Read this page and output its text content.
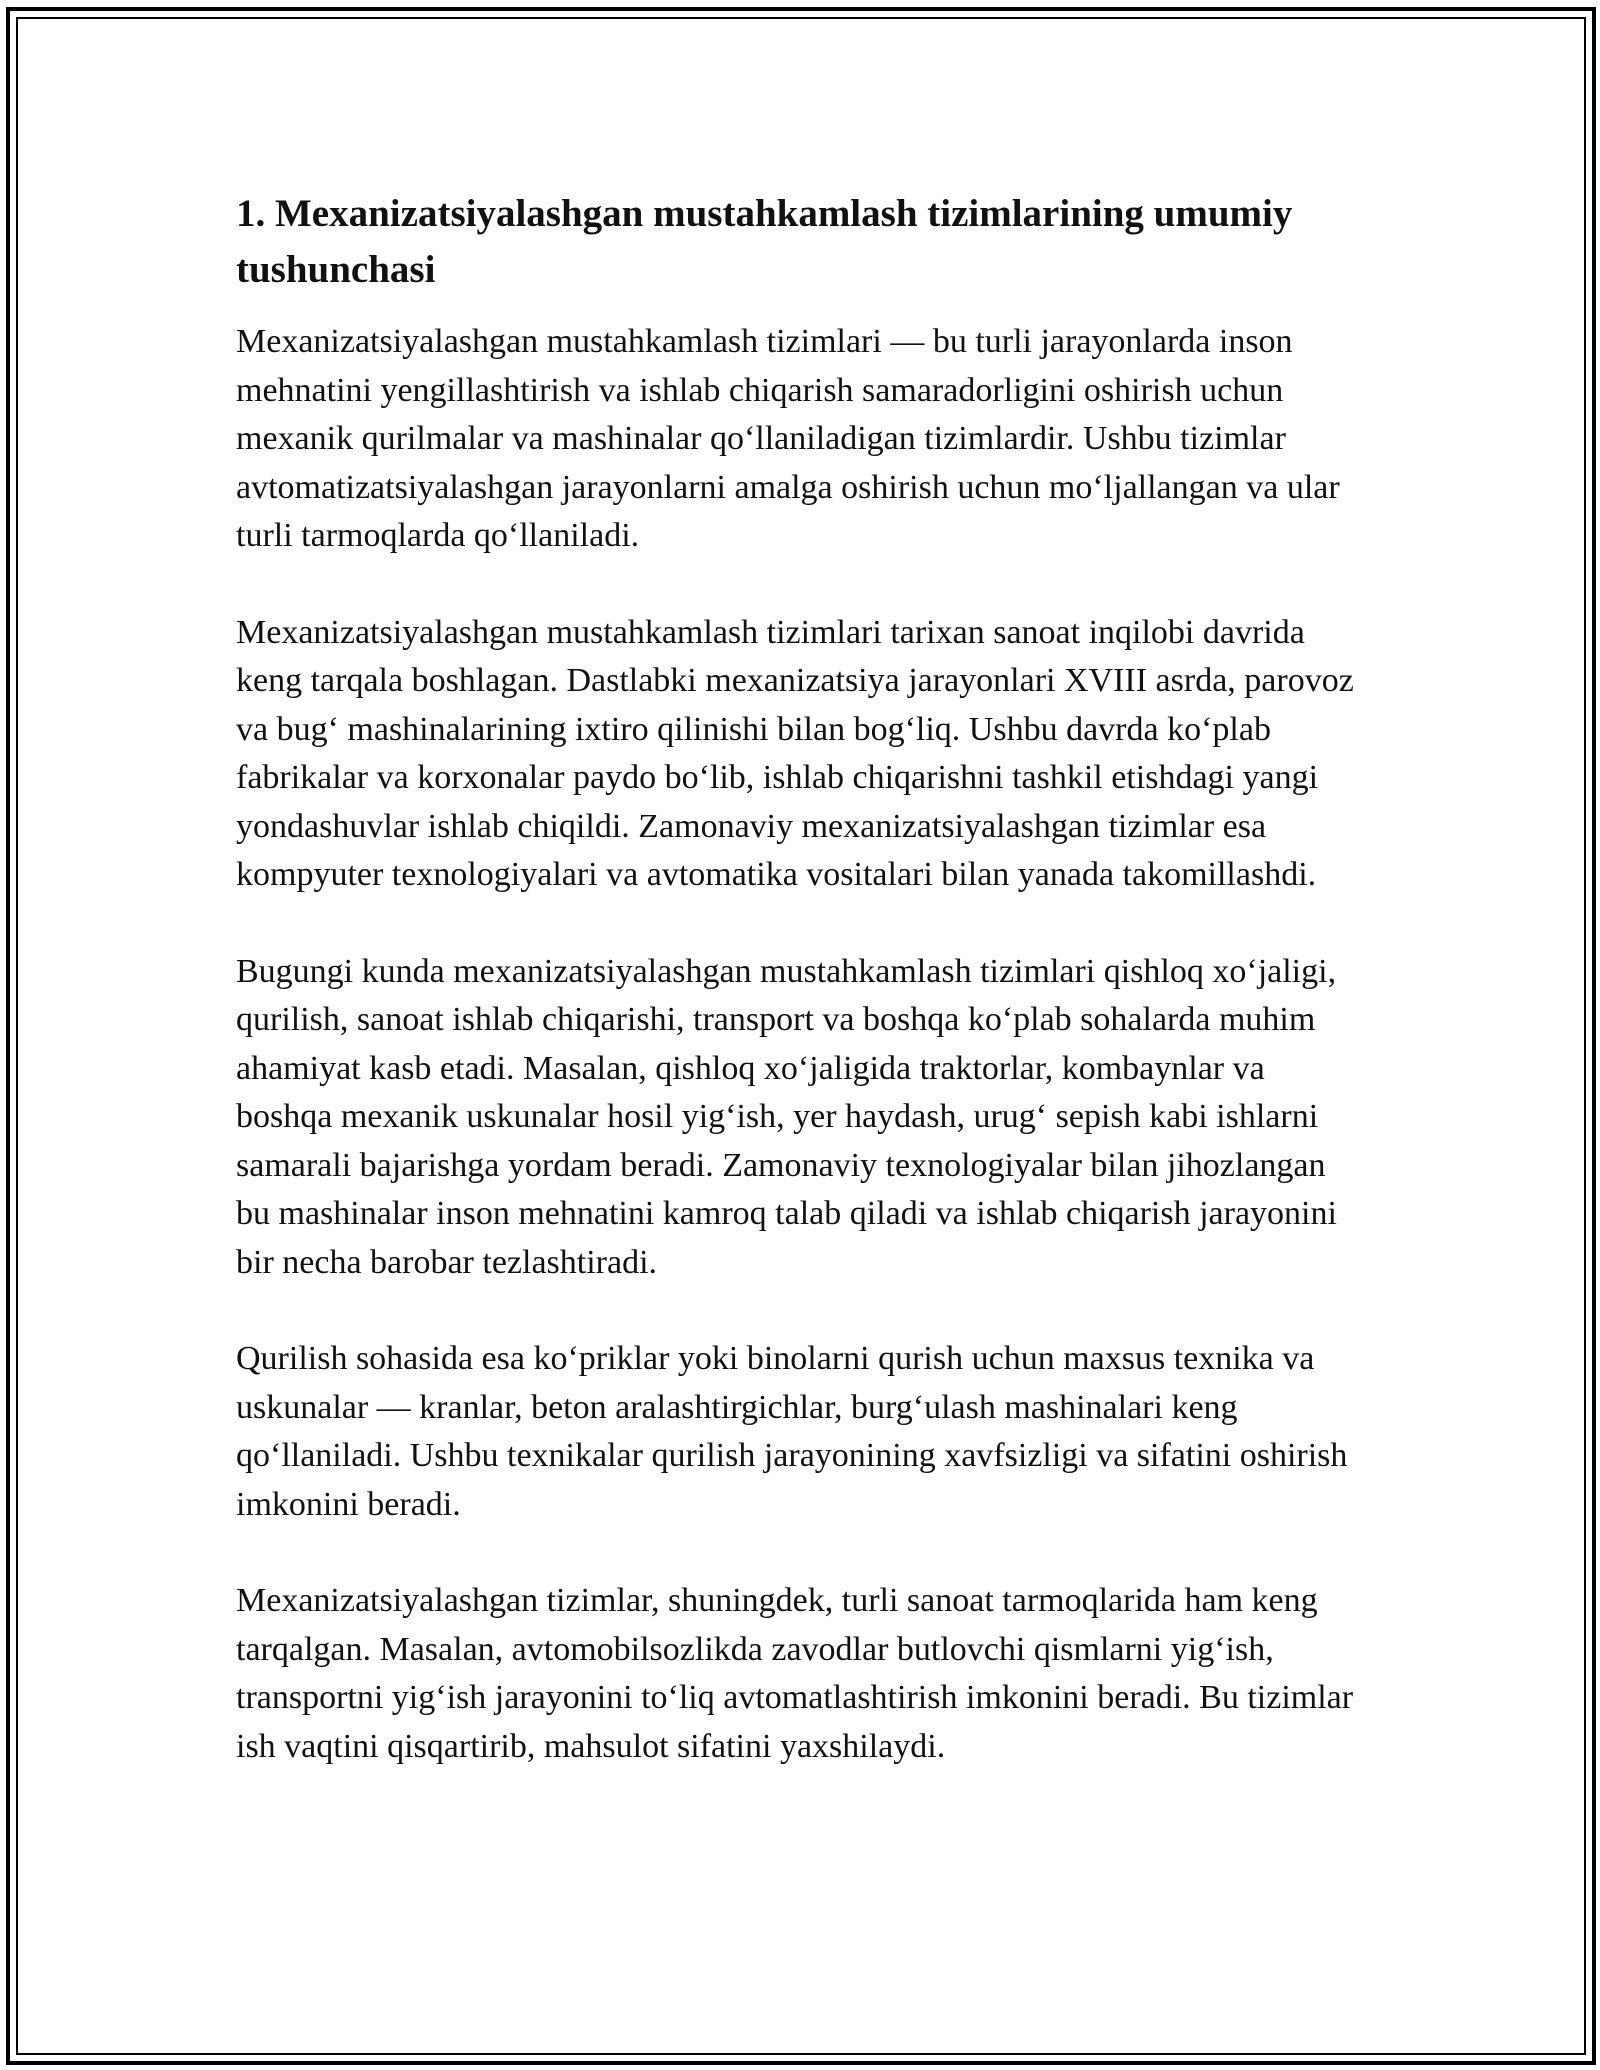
1. Mexanizatsiyalashgan mustahkamlash tizimlarining umumiy tushunchasi

Mexanizatsiyalashgan mustahkamlash tizimlari — bu turli jarayonlarda inson mehnatini yengillashtirish va ishlab chiqarish samaradorligini oshirish uchun mexanik qurilmalar va mashinalar qo‘llaniladigan tizimlardir. Ushbu tizimlar avtomatizatsiyalashgan jarayonlarni amalga oshirish uchun mo‘ljallangan va ular turli tarmoqlarda qo‘llaniladi.

Mexanizatsiyalashgan mustahkamlash tizimlari tarixan sanoat inqilobi davrida keng tarqala boshlagan. Dastlabki mexanizatsiya jarayonlari XVIII asrda, parovoz va bug‘ mashinalarining ixtiro qilinishi bilan bog‘liq. Ushbu davrda ko‘plab fabrikalar va korxonalar paydo bo‘lib, ishlab chiqarishni tashkil etishdagi yangi yondashuvlar ishlab chiqildi. Zamonaviy mexanizatsiyalashgan tizimlar esa kompyuter texnologiyalari va avtomatika vositalari bilan yanada takomillashdi.

Bugungi kunda mexanizatsiyalashgan mustahkamlash tizimlari qishloq xo‘jaligi, qurilish, sanoat ishlab chiqarishi, transport va boshqa ko‘plab sohalarda muhim ahamiyat kasb etadi. Masalan, qishloq xo‘jaligida traktorlar, kombaynlar va boshqa mexanik uskunalar hosil yig‘ish, yer haydash, urug‘ sepish kabi ishlarni samarali bajarishga yordam beradi. Zamonaviy texnologiyalar bilan jihozlangan bu mashinalar inson mehnatini kamroq talab qiladi va ishlab chiqarish jarayonini bir necha barobar tezlashtiradi.

Qurilish sohasida esa ko‘priklar yoki binolarni qurish uchun maxsus texnika va uskunalar — kranlar, beton aralashtirgichlar, burg‘ulash mashinalari keng qo‘llaniladi. Ushbu texnikalar qurilish jarayonining xavfsizligi va sifatini oshirish imkonini beradi.

Mexanizatsiyalashgan tizimlar, shuningdek, turli sanoat tarmoqlarida ham keng tarqalgan. Masalan, avtomobilsozlikda zavodlar butlovchi qismlarni yig‘ish, transportni yig‘ish jarayonini to‘liq avtomatlashtirish imkonini beradi. Bu tizimlar ish vaqtini qisqartirib, mahsulot sifatini yaxshilaydi.
